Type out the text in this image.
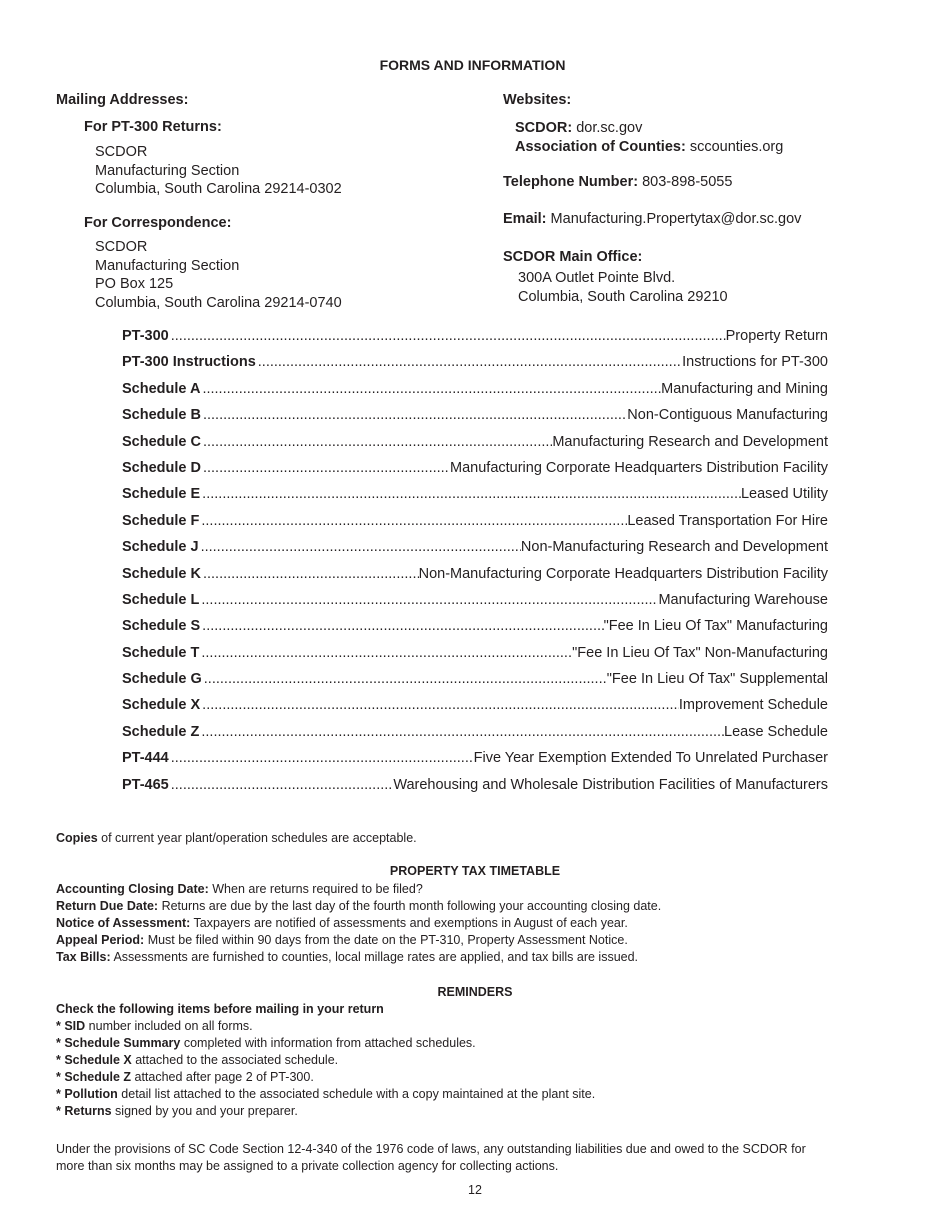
FORMS AND INFORMATION
Mailing Addresses:
For PT-300 Returns:
SCDOR
Manufacturing Section
Columbia, South Carolina 29214-0302
For Correspondence:
SCDOR
Manufacturing Section
PO Box 125
Columbia, South Carolina 29214-0740
Websites:
SCDOR: dor.sc.gov
Association of Counties: sccounties.org
Telephone Number: 803-898-5055
Email: Manufacturing.Propertytax@dor.sc.gov
SCDOR Main Office:
300A Outlet Pointe Blvd.
Columbia, South Carolina 29210
PT-300 .....	Property Return
PT-300 Instructions .....	Instructions for PT-300
Schedule A .....	Manufacturing and Mining
Schedule B .....	Non-Contiguous Manufacturing
Schedule C .....	Manufacturing Research and Development
Schedule D .....	Manufacturing Corporate Headquarters Distribution Facility
Schedule E .....	Leased Utility
Schedule F .....	Leased Transportation For Hire
Schedule J .....	Non-Manufacturing Research and Development
Schedule K .....	Non-Manufacturing Corporate Headquarters Distribution Facility
Schedule L .....	Manufacturing Warehouse
Schedule S .....	"Fee In Lieu Of Tax" Manufacturing
Schedule T .....	"Fee In Lieu Of Tax" Non-Manufacturing
Schedule G .....	"Fee In Lieu Of Tax" Supplemental
Schedule X .....	Improvement Schedule
Schedule Z .....	Lease Schedule
PT-444 .....	Five Year Exemption Extended To Unrelated Purchaser
PT-465 .....	Warehousing and Wholesale Distribution Facilities of Manufacturers
Copies of current year plant/operation schedules are acceptable.
PROPERTY TAX TIMETABLE
Accounting Closing Date: When are returns required to be filed?
Return Due Date: Returns are due by the last day of the fourth month following your accounting closing date.
Notice of Assessment: Taxpayers are notified of assessments and exemptions in August of each year.
Appeal Period: Must be filed within 90 days from the date on the PT-310, Property Assessment Notice.
Tax Bills: Assessments are furnished to counties, local millage rates are applied, and tax bills are issued.
REMINDERS
Check the following items before mailing in your return
* SID number included on all forms.
* Schedule Summary completed with information from attached schedules.
* Schedule X attached to the associated schedule.
* Schedule Z attached after page 2 of PT-300.
* Pollution detail list attached to the associated schedule with a copy maintained at the plant site.
* Returns signed by you and your preparer.
Under the provisions of SC Code Section 12-4-340 of the 1976 code of laws, any outstanding liabilities due and owed to the SCDOR for
more than six months may be assigned to a private collection agency for collecting actions.
12
